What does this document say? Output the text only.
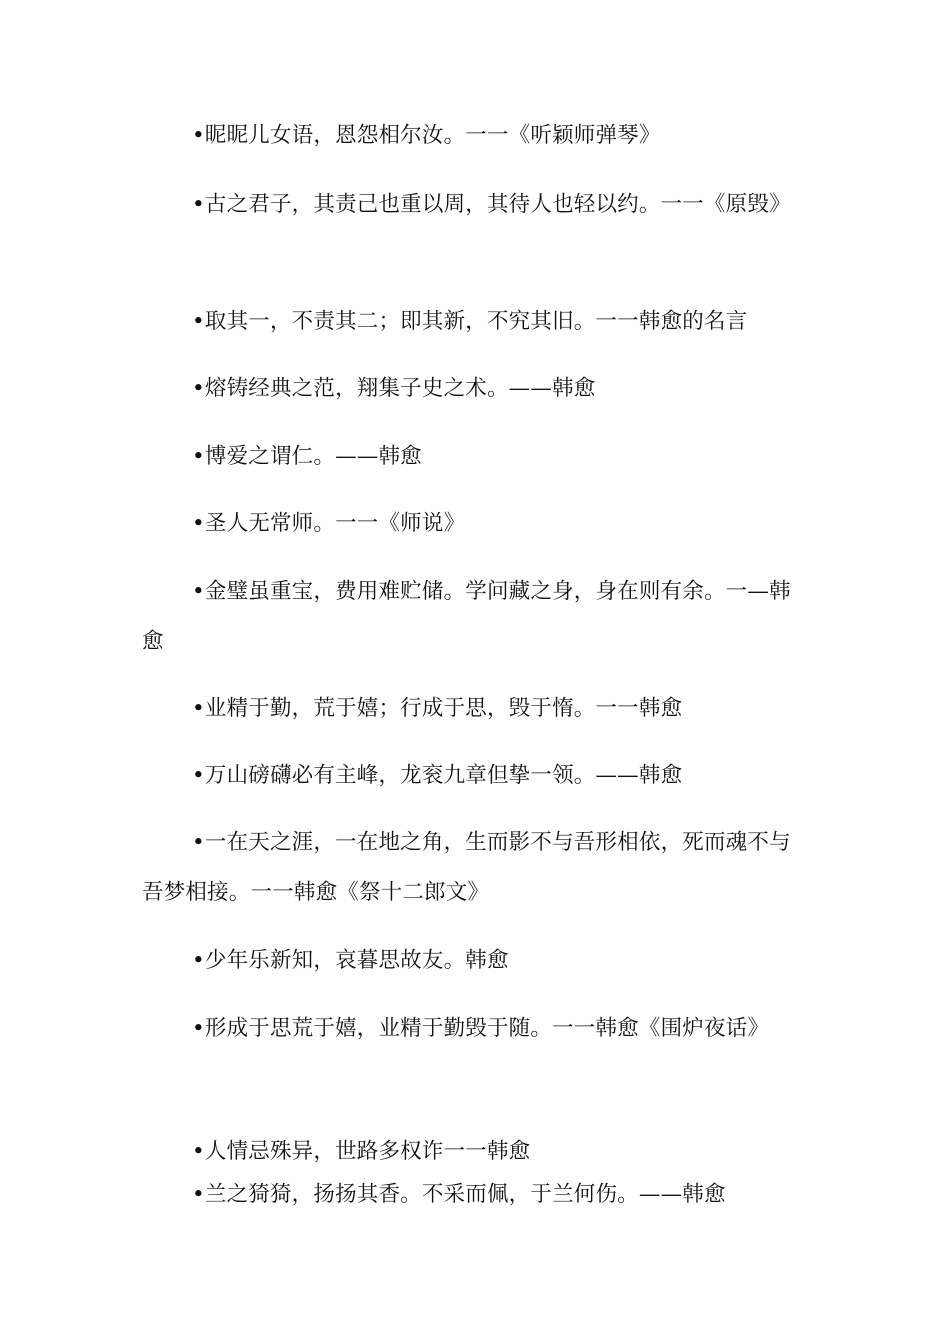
•昵昵儿女语，恩怨相尔汝。一一《听颖师弹琴》

•古之君子，其责己也重以周，其待人也轻以约。一一《原毁》

•取其一，不责其二；即其新，不究其旧。一一韩愈的名言

•熔铸经典之范，翔集子史之术。——韩愈

•博爱之谓仁。——韩愈

•圣人无常师。一一《师说》

•金璧虽重宝，费用难贮储。学问藏之身，身在则有余。一—韩愈

•业精于勤，荒于嬉；行成于思，毁于惰。一一韩愈

•万山磅礴必有主峰，龙衮九章但挚一领。——韩愈

•一在天之涯，一在地之角，生而影不与吾形相依，死而魂不与吾梦相接。一一韩愈《祭十二郎文》

•少年乐新知，哀暮思故友。韩愈

•形成于思荒于嬉，业精于勤毁于随。一一韩愈《围炉夜话》

•人情忌殊异，世路多权诈一一韩愈

•兰之猗猗，扬扬其香。不采而佩，于兰何伤。——韩愈
